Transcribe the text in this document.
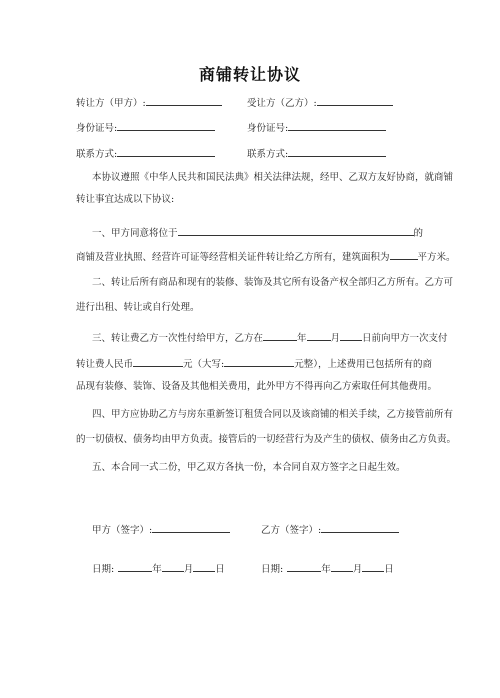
商铺转让协议
转让方（甲方）:	受让方（乙方）:
身份证号:	身份证号:
联系方式:	联系方式:
本协议遵照《中华人民共和国民法典》相关法律法规，经甲、乙双方友好协商，就商铺
转让事宜达成以下协议:
一、甲方同意将位于	的
商铺及营业执照、经营许可证等经营相关证件转让给乙方所有，建筑面积为	平方米。
二、转让后所有商品和现有的装修、装饰及其它所有设备产权全部归乙方所有。乙方可
进行出租、转让或自行处理。
三、转让费乙方一次性付给甲方，乙方在	年	月 日前向甲方一次支付
转让费人民币	元（大写:	元整），上述费用已包括所有的商
品现有装修、装饰、设备及其他相关费用，此外甲方不得再向乙方索取任何其他费用。
四、甲方应协助乙方与房东重新签订租赁合同以及该商铺的相关手续，乙方接管前所有
的一切债权、债务均由甲方负责。接管后的一切经营行为及产生的债权、债务由乙方负责。
五、本合同一式二份，甲乙双方各执一份，本合同自双方签字之日起生效。
甲方（签字）:	乙方（签字）:
日期:	年 月 日	日期:	年 月 日
